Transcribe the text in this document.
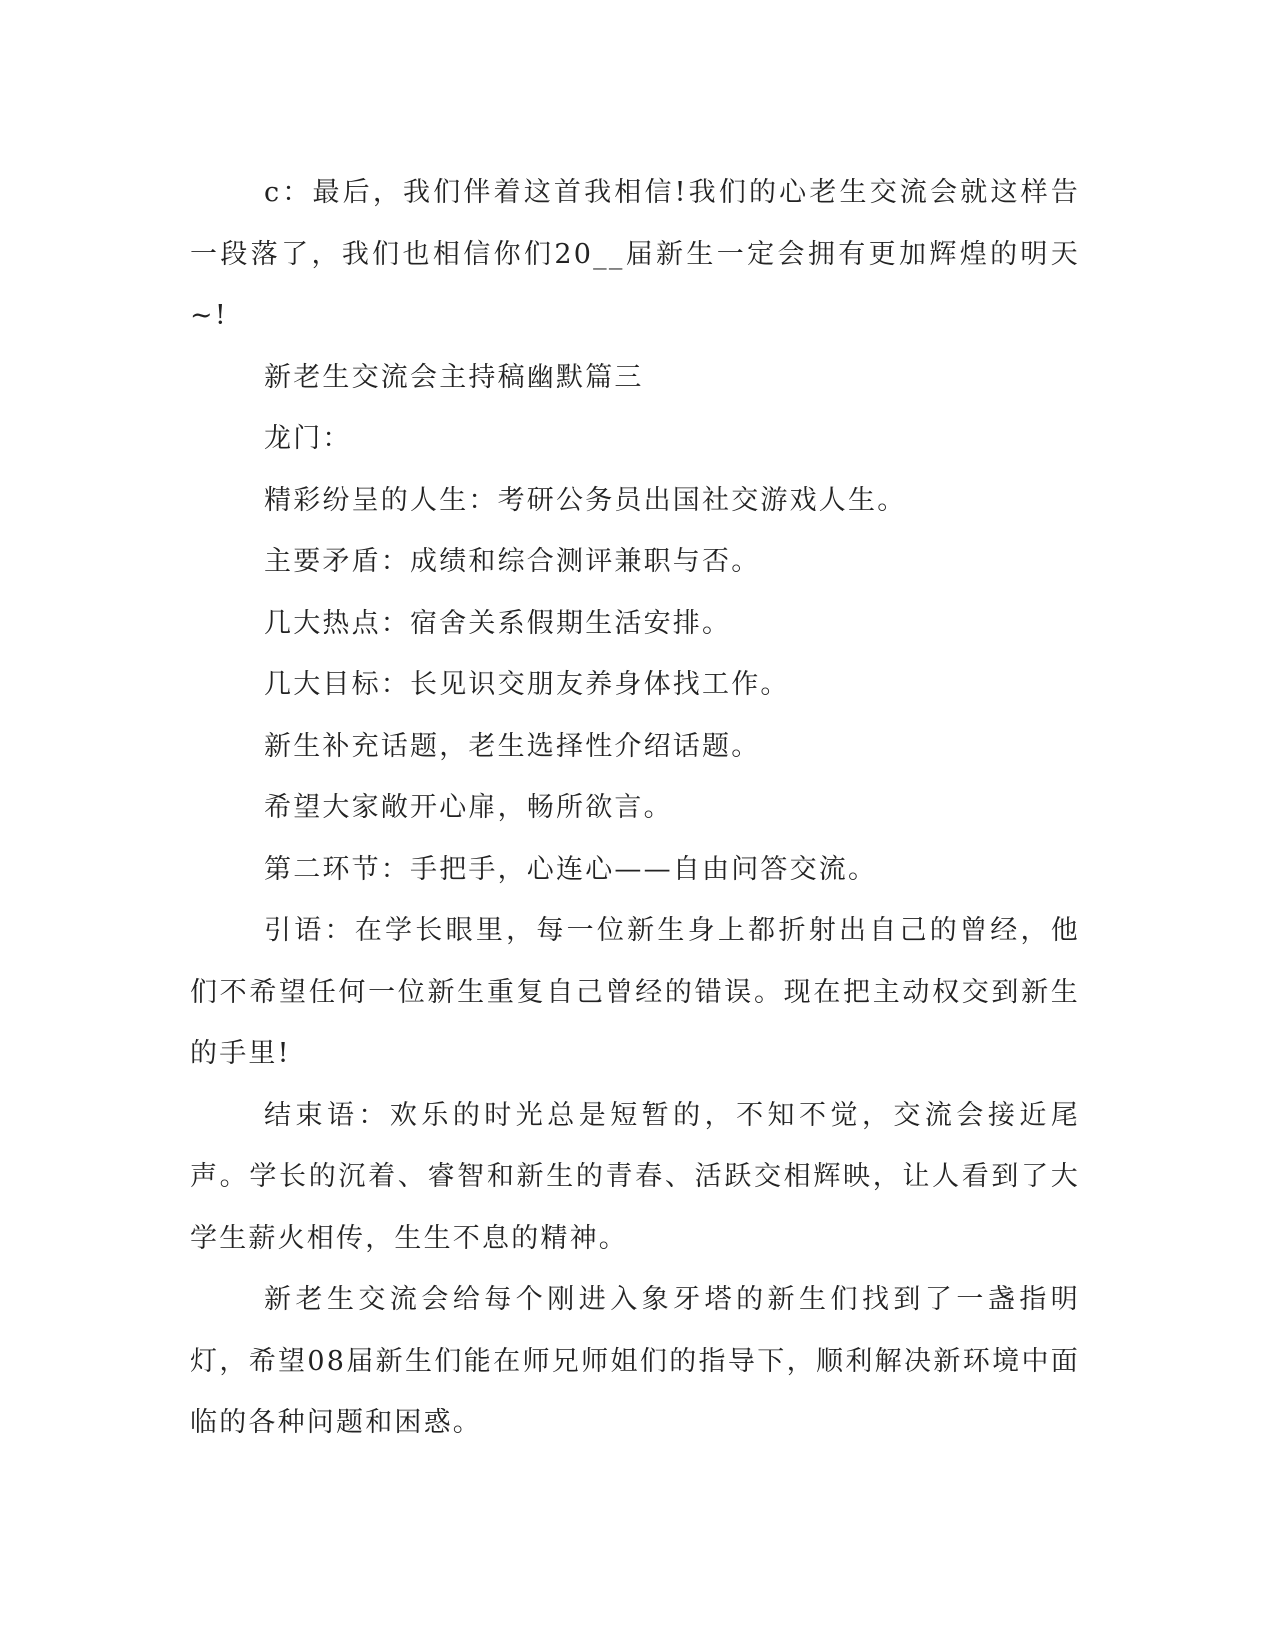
c：最后，我们伴着这首我相信!我们的心老生交流会就这样告一段落了，我们也相信你们20__届新生一定会拥有更加辉煌的明天~!

新老生交流会主持稿幽默篇三

龙门：

精彩纷呈的人生：考研公务员出国社交游戏人生。

主要矛盾：成绩和综合测评兼职与否。

几大热点：宿舍关系假期生活安排。

几大目标：长见识交朋友养身体找工作。

新生补充话题，老生选择性介绍话题。

希望大家敞开心扉，畅所欲言。

第二环节：手把手，心连心——自由问答交流。

引语：在学长眼里，每一位新生身上都折射出自己的曾经，他们不希望任何一位新生重复自己曾经的错误。现在把主动权交到新生的手里!

结束语：欢乐的时光总是短暂的，不知不觉，交流会接近尾声。学长的沉着、睿智和新生的青春、活跃交相辉映，让人看到了大学生薪火相传，生生不息的精神。

新老生交流会给每个刚进入象牙塔的新生们找到了一盏指明灯，希望08届新生们能在师兄师姐们的指导下，顺利解决新环境中面临的各种问题和困惑。
